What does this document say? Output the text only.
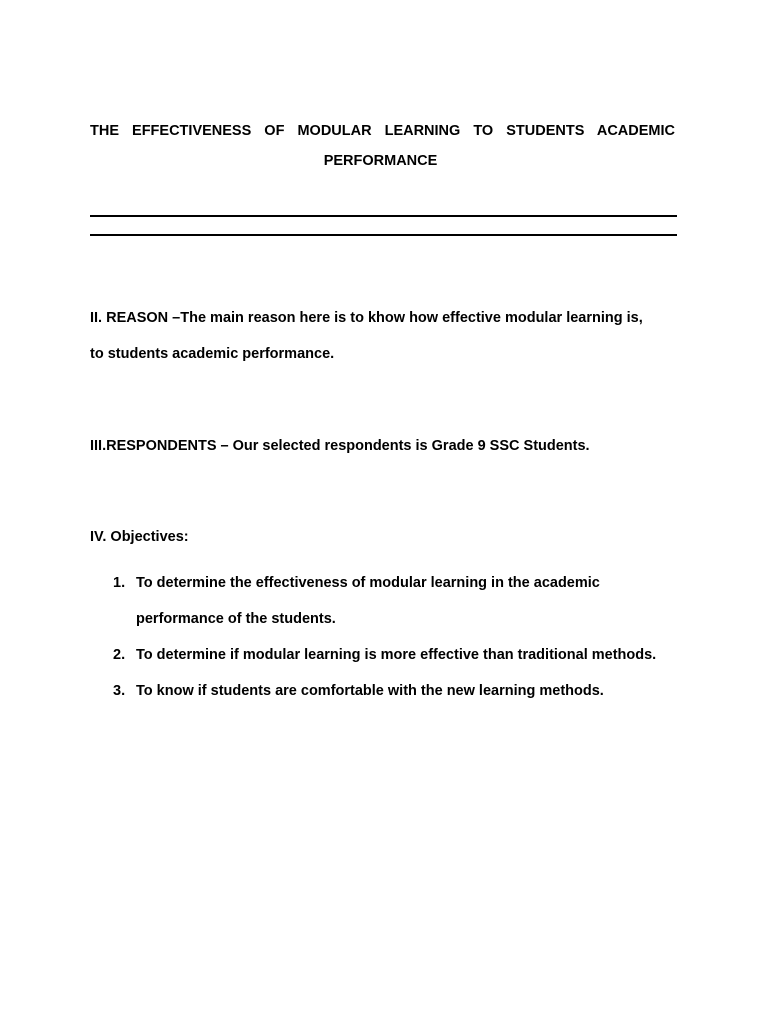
THE EFFECTIVENESS OF MODULAR LEARNING TO STUDENTS ACADEMIC

PERFORMANCE

II. REASON –The main reason here is to khow how effective modular learning is,

to students academic performance.

III.RESPONDENTS – Our selected respondents is Grade 9 SSC Students.

IV. Objectives:

1. To determine the effectiveness of modular learning in the academic

performance of the students.

2. To determine if modular learning is more effective than traditional methods.

3. To know if students are comfortable with the new learning methods.
